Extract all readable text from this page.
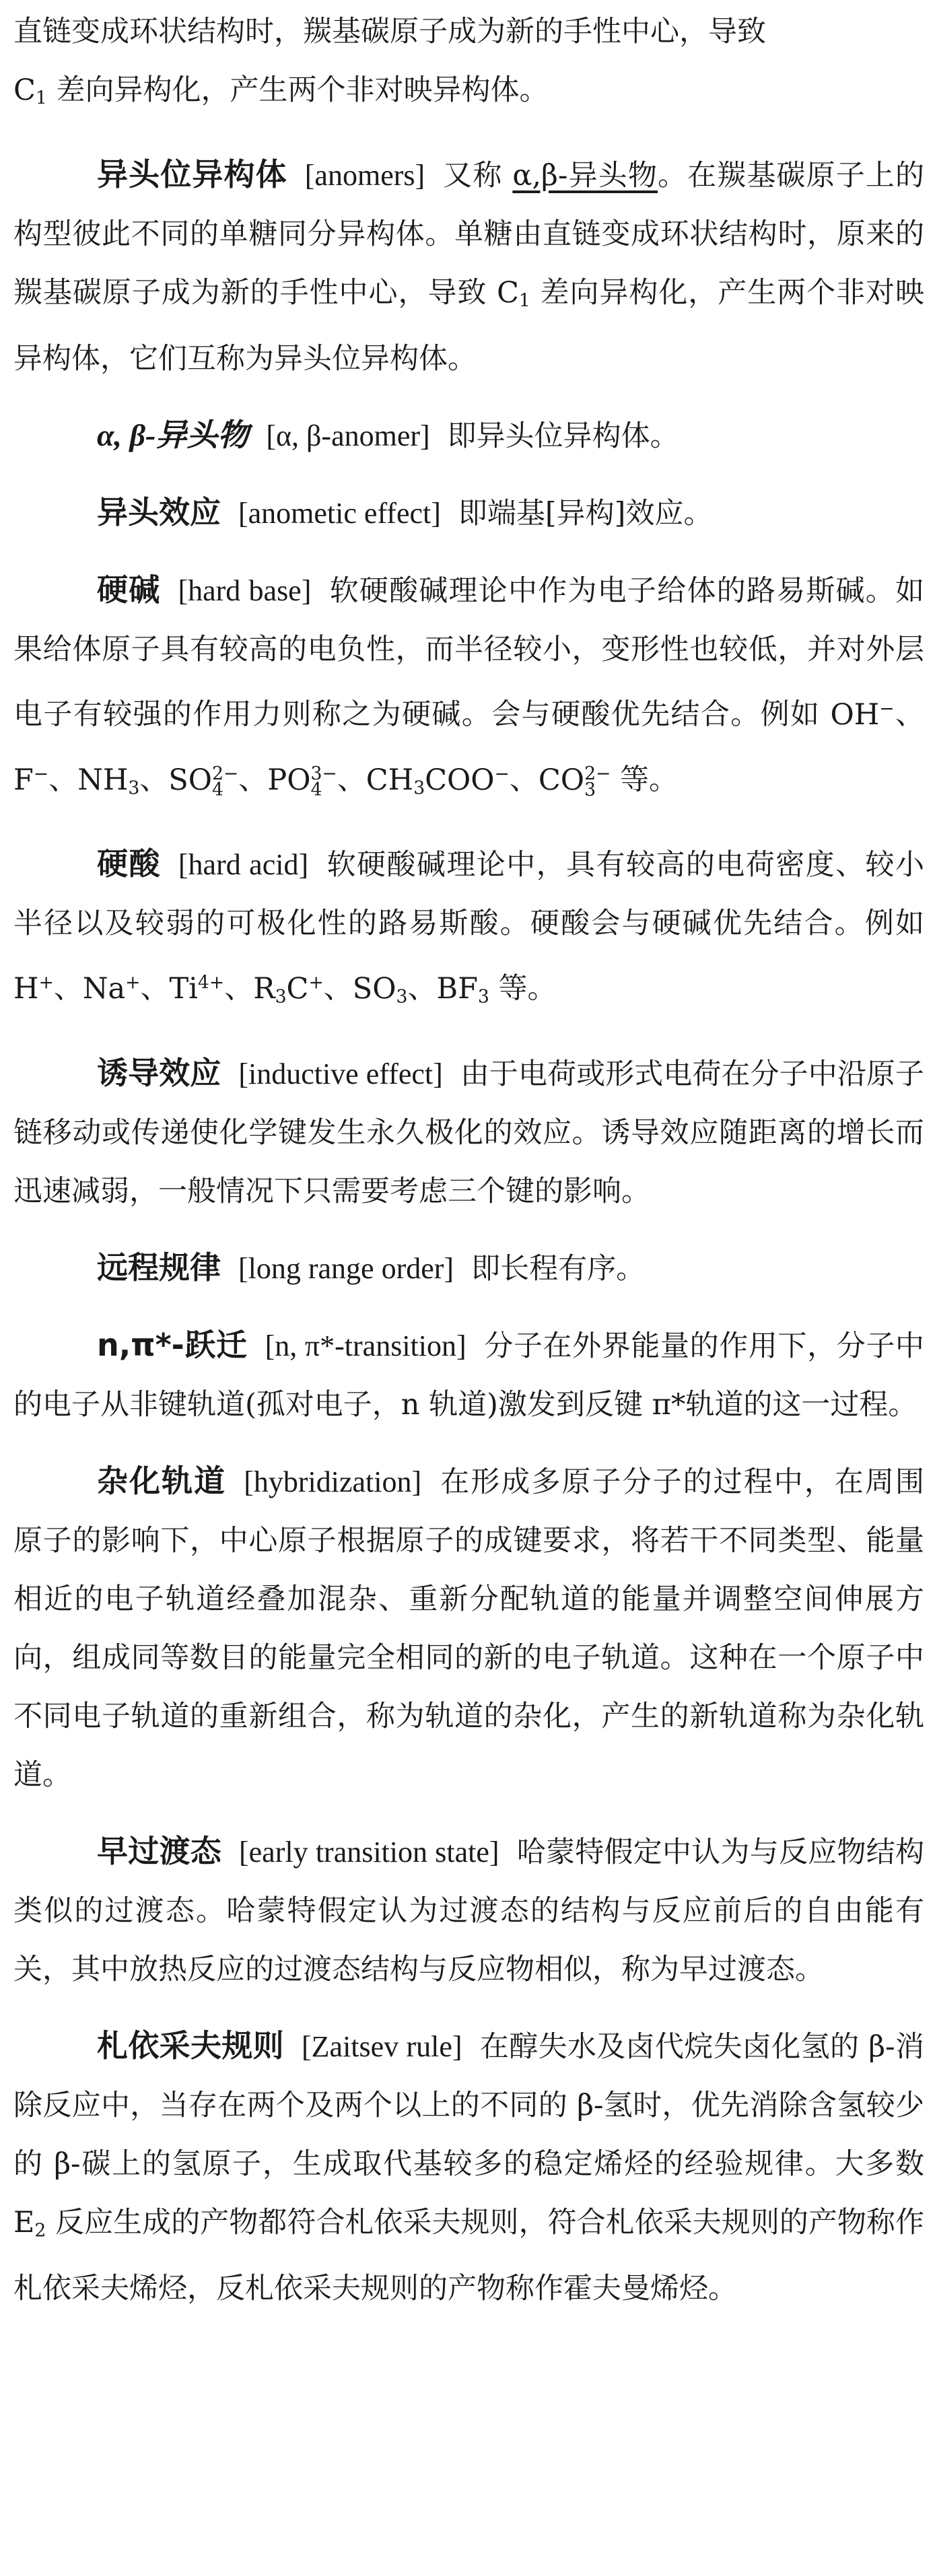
直链变成环状结构时，羰基碳原子成为新的手性中心，导致
$C_1$ 差向异构化，产生两个非对映异构体。

异头位异构体 [anomers] 又称 α,β-异头物。在羰基碳原子上的构型彼此不同的单糖同分异构体。单糖由直链变成环状结构时，原来的羰基碳原子成为新的手性中心，导致 $C_1$ 差向异构化，产生两个非对映异构体，它们互称为异头位异构体。

α, β-异头物 [α, β-anomer] 即异头位异构体。

异头效应 [anometic effect] 即端基[异构]效应。

硬碱 [hard base] 软硬酸碱理论中作为电子给体的路易斯碱。如果给体原子具有较高的电负性，而半径较小，变形性也较低，并对外层电子有较强的作用力则称之为硬碱。会与硬酸优先结合。例如 OH−、F−、$NH_3$、SO 2−
4 、PO 3−
4 、$CH_3COO^-$、CO 2−
3 等。

硬酸 [hard acid] 软硬酸碱理论中，具有较高的电荷密度、较小半径以及较弱的可极化性的路易斯酸。硬酸会与硬碱优先结合。例如 H+、Na+、$Ti^{4+}$、$R_3C^+$、$SO_3$、$BF_3$ 等。

诱导效应 [inductive effect] 由于电荷或形式电荷在分子中沿原子链移动或传递使化学键发生永久极化的效应。诱导效应随距离的增长而迅速减弱，一般情况下只需要考虑三个键的影响。

远程规律 [long range order] 即长程有序。

n,π*-跃迁 [n, π*-transition] 分子在外界能量的作用下，分子中的电子从非键轨道(孤对电子，n 轨道)激发到反键 π*轨道的这一过程。

杂化轨道 [hybridization] 在形成多原子分子的过程中，在周围原子的影响下，中心原子根据原子的成键要求，将若干不同类型、能量相近的电子轨道经叠加混杂、重新分配轨道的能量并调整空间伸展方向，组成同等数目的能量完全相同的新的电子轨道。这种在一个原子中不同电子轨道的重新组合，称为轨道的杂化，产生的新轨道称为杂化轨道。

早过渡态 [early transition state] 哈蒙特假定中认为与反应物结构类似的过渡态。哈蒙特假定认为过渡态的结构与反应前后的自由能有关，其中放热反应的过渡态结构与反应物相似，称为早过渡态。

札依采夫规则 [Zaitsev rule] 在醇失水及卤代烷失卤化氢的 β-消除反应中，当存在两个及两个以上的不同的 β-氢时，优先消除含氢较少的 β-碳上的氢原子，生成取代基较多的稳定烯烃的经验规律。大多数 $E_2$ 反应生成的产物都符合札依采夫规则，符合札依采夫规则的产物称作札依采夫烯烃，反札依采夫规则的产物称作霍夫曼烯烃。
